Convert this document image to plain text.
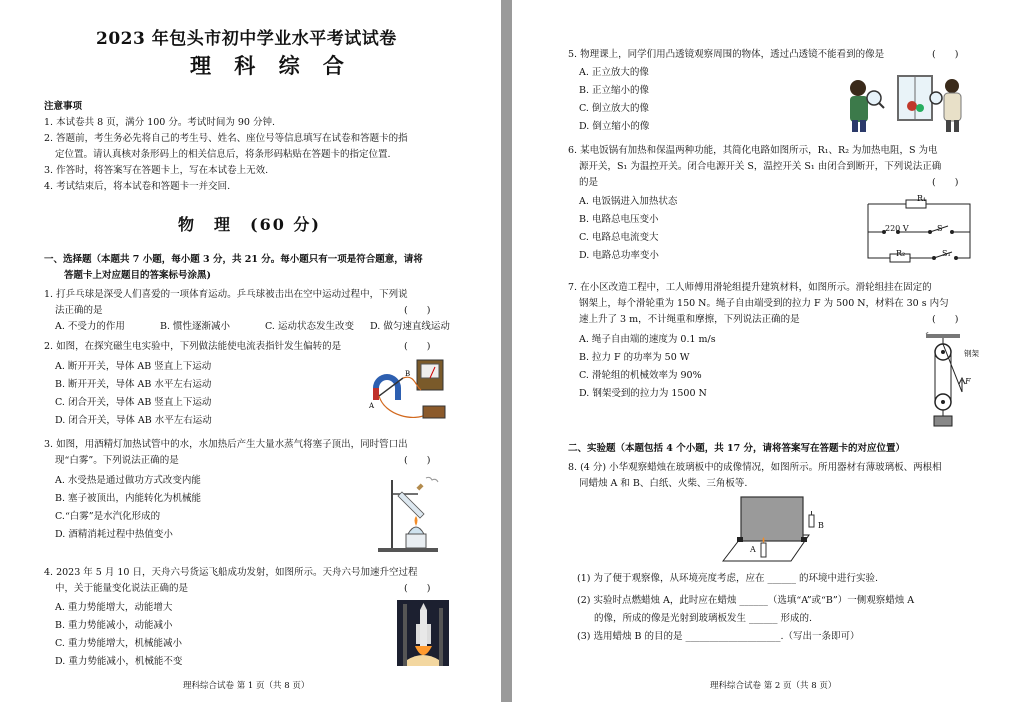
2023 年包头市初中学业水平考试试卷
理 科 综 合
注意事项
1. 本试卷共 8 页，满分 100 分。考试时间为 90 分钟.
2. 答题前，考生务必先将自己的考生号、姓名、座位号等信息填写在试卷和答题卡的指
定位置。请认真核对条形码上的相关信息后，将条形码粘贴在答题卡的指定位置.
3. 作答时，将答案写在答题卡上，写在本试卷上无效.
4. 考试结束后，将本试卷和答题卡一并交回.
物　理　(60 分)
一、选择题（本题共 7 小题，每小题 3 分，共 21 分。每小题只有一项是符合题意，请将
答题卡上对应题目的答案标号涂黑)
1. 打乒乓球是深受人们喜爱的一项体育运动。乒乓球被击出在空中运动过程中，下列说
法正确的是	(　　)
A. 不受力的作用	B. 惯性逐渐减小	C. 运动状态发生改变 D. 做匀速直线运动
2. 如图，在探究磁生电实验中，下列做法能使电流表指针发生偏转的是	(　　)
A. 断开开关，导体 AB 竖直上下运动
B. 断开开关，导体 AB 水平左右运动
C. 闭合开关，导体 AB 竖直上下运动
D. 闭合开关，导体 AB 水平左右运动
B
A
3. 如图，用酒精灯加热试管中的水，水加热后产生大量水蒸气将塞子顶出，同时管口出
现“白雾”。下列说法正确的是	(　　)
A. 水受热是通过做功方式改变内能
B. 塞子被顶出，内能转化为机械能
C.“白雾”是水汽化形成的
D. 酒精消耗过程中热值变小
4. 2023 年 5 月 10 日，天舟六号货运飞船成功发射，如图所示。天舟六号加速升空过程
中，关于能量变化说法正确的是	(　　)
A. 重力势能增大，动能增大
B. 重力势能减小，动能减小
C. 重力势能增大，机械能减小
D. 重力势能减小，机械能不变
理科综合试卷 第 1 页（共 8 页）
5. 物理课上，同学们用凸透镜观察周围的物体，透过凸透镜不能看到的像是	(　　)
A. 正立放大的像
B. 正立缩小的像
C. 倒立放大的像
D. 倒立缩小的像
6. 某电饭锅有加热和保温两种功能，其简化电路如图所示，R₁、R₂ 为加热电阻，S 为电
源开关，S₁ 为温控开关。闭合电源开关 S，温控开关 S₁ 由闭合到断开，下列说法正确
的是	(　　)
A. 电饭锅进入加热状态
B. 电路总电压变小
C. 电路总电流变大
D. 电路总功率变小
R₁
220 V	S
R₂	S₁
7. 在小区改造工程中，工人师傅用滑轮组提升建筑材料，如图所示。滑轮组挂在固定的
钢架上，每个滑轮重为 150 N。绳子自由端受到的拉力 F 为 500 N，材料在 30 s 内匀
速上升了 3 m，不计绳重和摩擦，下列说法正确的是	(　　)
A. 绳子自由端的速度为 0.1 m/s
B. 拉力 F 的功率为 50 W
C. 滑轮组的机械效率为 90%
D. 钢架受到的拉力为 1500 N
钢架
F
二、实验题（本题包括 4 个小题，共 17 分，请将答案写在答题卡的对应位置）
8. (4 分) 小华观察蜡烛在玻璃板中的成像情况，如图所示。所用器材有薄玻璃板、两根相
同蜡烛 A 和 B、白纸、火柴、三角板等.
B
A
(1) 为了便于观察像，从环境亮度考虑，应在 ______ 的环境中进行实验.
(2) 实验时点燃蜡烛 A，此时应在蜡烛 ______（选填“A”或“B”）一侧观察蜡烛 A
的像，所成的像是光射到玻璃板发生 ______ 形成的.
(3) 选用蜡烛 B 的目的是 ____________________.（写出一条即可）
理科综合试卷 第 2 页（共 8 页）
